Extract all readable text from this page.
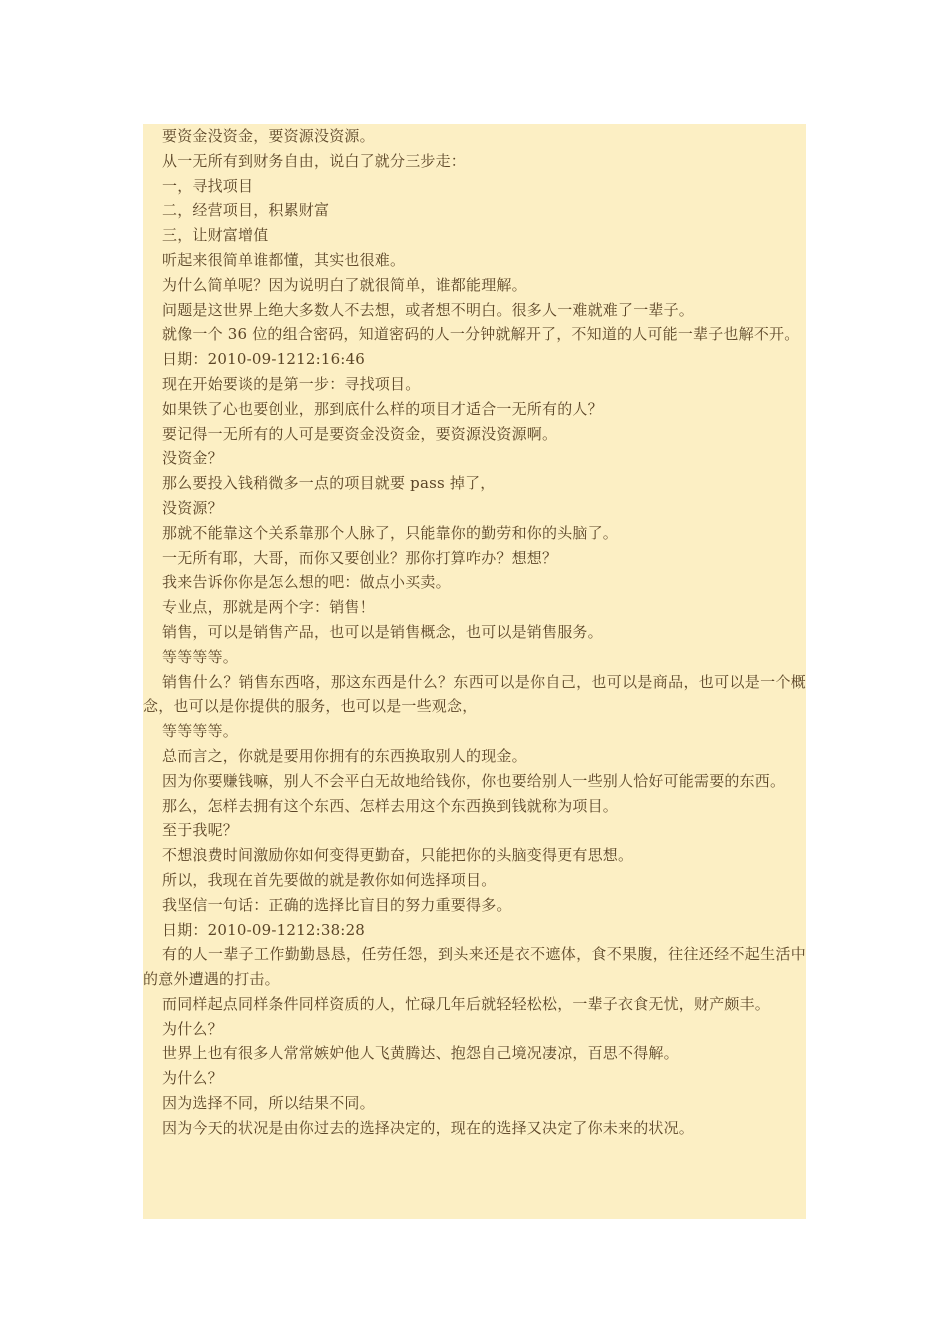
要资金没资金，要资源没资源。

从一无所有到财务自由，说白了就分三步走：

一，寻找项目

二，经营项目，积累财富

三，让财富增值

听起来很简单谁都懂，其实也很难。

为什么简单呢？因为说明白了就很简单，谁都能理解。

问题是这世界上绝大多数人不去想，或者想不明白。很多人一难就难了一辈子。

就像一个 36 位的组合密码，知道密码的人一分钟就解开了，不知道的人可能一辈子也解不开。

日期：2010-09-1212:16:46

现在开始要谈的是第一步：寻找项目。

如果铁了心也要创业，那到底什么样的项目才适合一无所有的人？

要记得一无所有的人可是要资金没资金，要资源没资源啊。

没资金？

那么要投入钱稍微多一点的项目就要 pass 掉了，

没资源？

那就不能靠这个关系靠那个人脉了，只能靠你的勤劳和你的头脑了。

一无所有耶，大哥，而你又要创业？那你打算咋办？想想？

我来告诉你你是怎么想的吧：做点小买卖。

专业点，那就是两个字：销售！

销售，可以是销售产品，也可以是销售概念，也可以是销售服务。

等等等等。

销售什么？销售东西咯，那这东西是什么？东西可以是你自己，也可以是商品，也可以是一个概念，也可以是你提供的服务，也可以是一些观念，

等等等等。

总而言之，你就是要用你拥有的东西换取别人的现金。

因为你要赚钱嘛，别人不会平白无故地给钱你，你也要给别人一些别人恰好可能需要的东西。

那么，怎样去拥有这个东西、怎样去用这个东西换到钱就称为项目。

至于我呢？

不想浪费时间激励你如何变得更勤奋，只能把你的头脑变得更有思想。

所以，我现在首先要做的就是教你如何选择项目。

我坚信一句话：正确的选择比盲目的努力重要得多。

日期：2010-09-1212:38:28

有的人一辈子工作勤勤恳恳，任劳任怨，到头来还是衣不遮体，食不果腹，往往还经不起生活中的意外遭遇的打击。

而同样起点同样条件同样资质的人，忙碌几年后就轻轻松松，一辈子衣食无忧，财产颇丰。

为什么？

世界上也有很多人常常嫉妒他人飞黄腾达、抱怨自己境况凄凉，百思不得解。

为什么？

因为选择不同，所以结果不同。

因为今天的状况是由你过去的选择决定的，现在的选择又决定了你未来的状况。
